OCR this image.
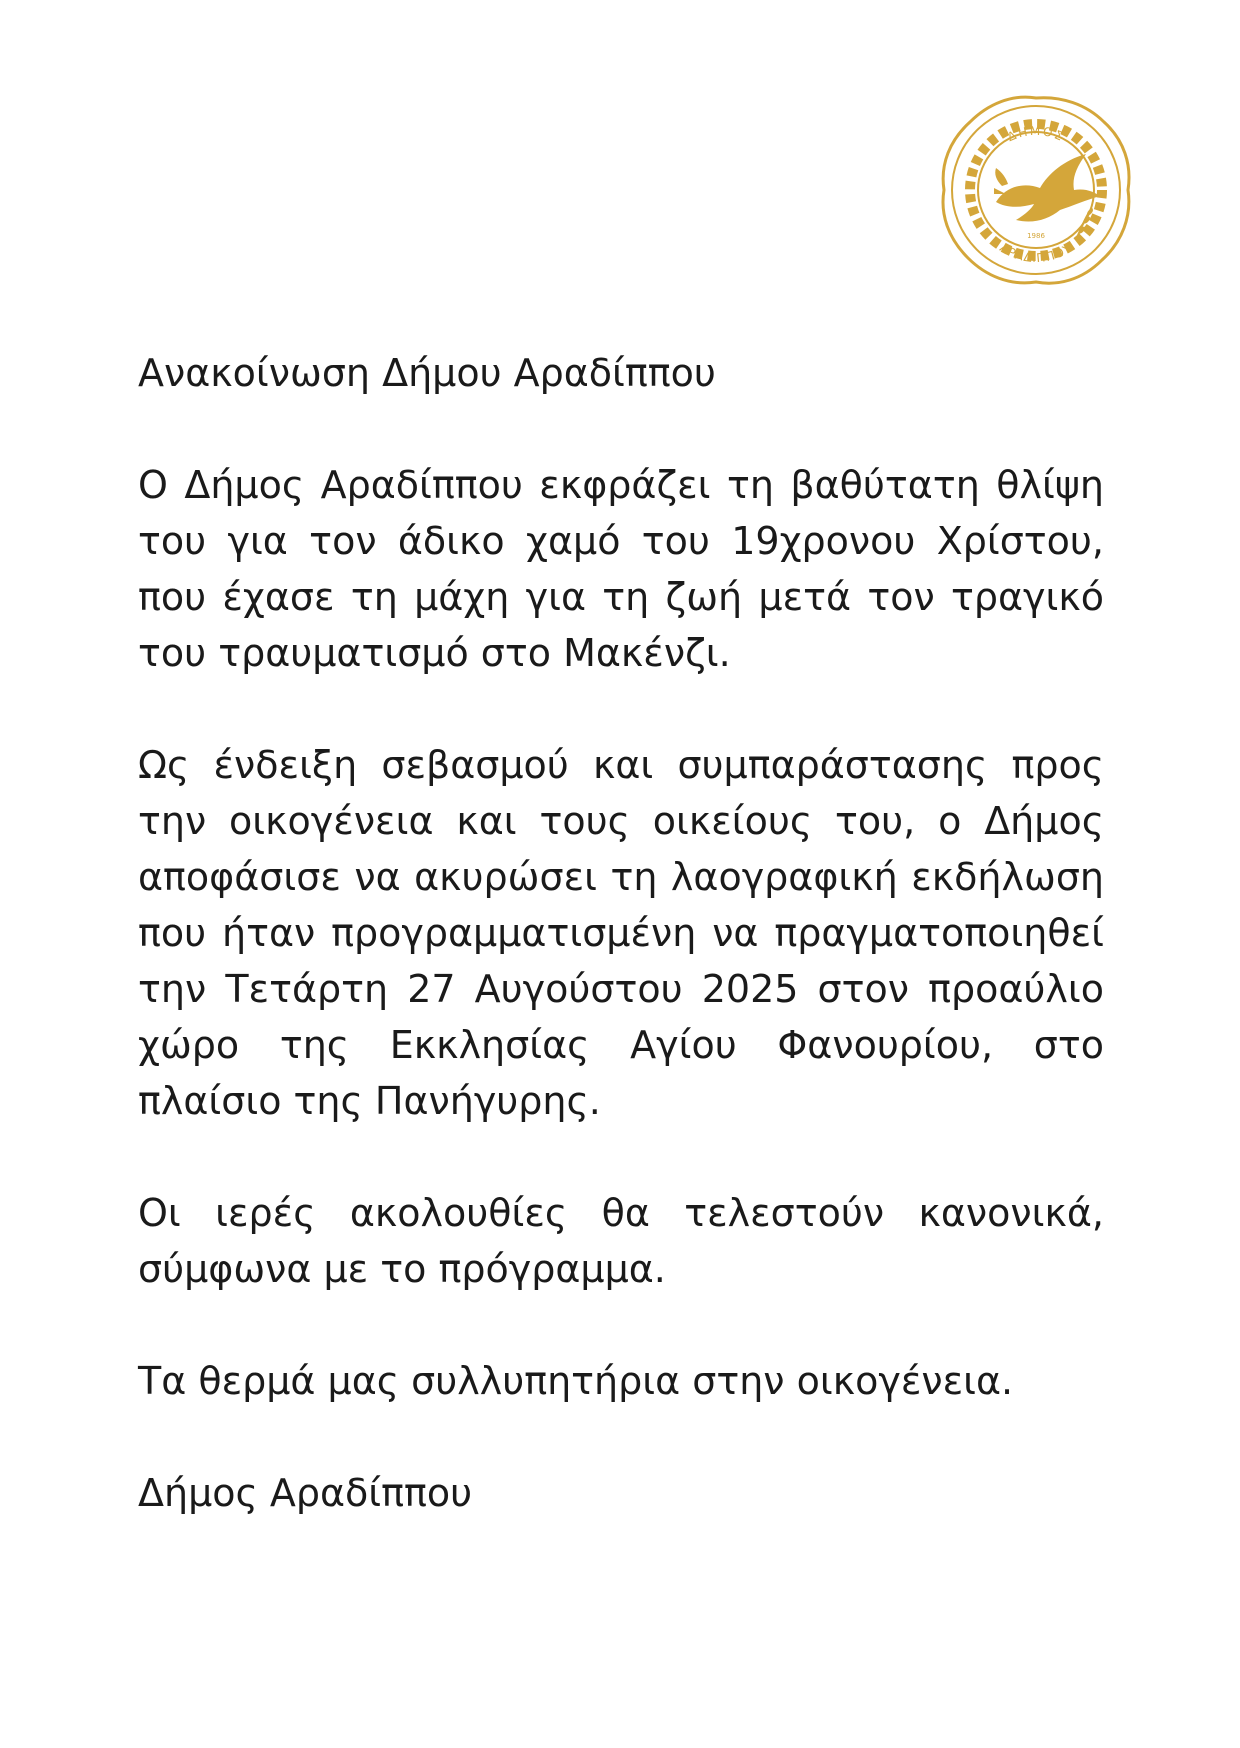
ΔΗΜΟΣ
ΑΡΑΔΙΠΠΟΥ
1986
Ανακοίνωση Δήμου Αραδίππου

Ο Δήμος Αραδίππου εκφράζει τη βαθύτατη θλίψη του για τον άδικο χαμό του 19χρονου Χρίστου, που έχασε τη μάχη για τη ζωή μετά τον τραγικό του τραυματισμό στο Μακένζι.

Ως ένδειξη σεβασμού και συμπαράστασης προς την οικογένεια και τους οικείους του, ο Δήμος αποφάσισε να ακυρώσει τη λαογραφική εκδήλωση που ήταν προγραμματισμένη να πραγματοποιηθεί την Τετάρτη 27 Αυγούστου 2025 στον προαύλιο χώρο της Εκκλησίας Αγίου Φανουρίου, στο πλαίσιο της Πανήγυρης.

Οι ιερές ακολουθίες θα τελεστούν κανονικά, σύμφωνα με το πρόγραμμα.

Τα θερμά μας συλλυπητήρια στην οικογένεια.

Δήμος Αραδίππου
